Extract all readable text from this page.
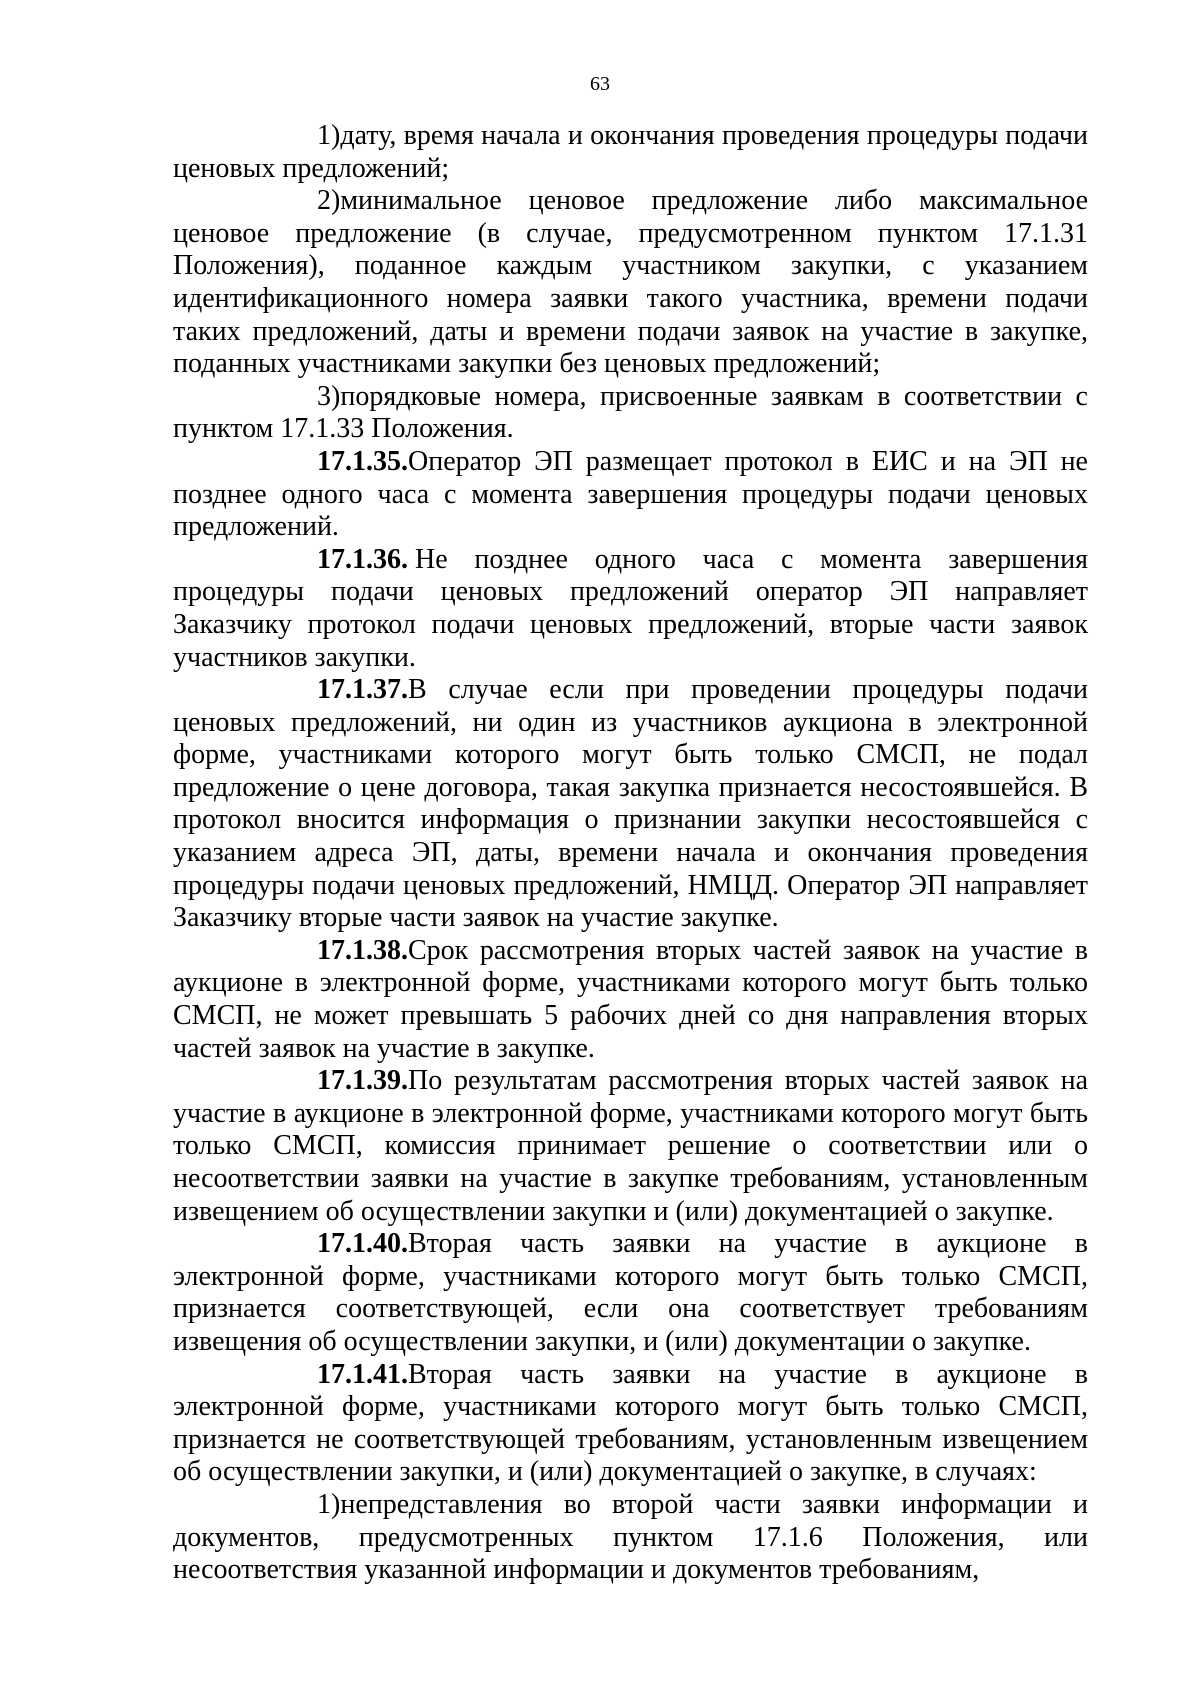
63

1)дату, время начала и окончания проведения процедуры подачи ценовых предложений;

2)минимальное ценовое предложение либо максимальное ценовое предложение (в случае, предусмотренном пунктом 17.1.31 Положения), поданное каждым участником закупки, с указанием идентификационного номера заявки такого участника, времени подачи таких предложений, даты и времени подачи заявок на участие в закупке, поданных участниками закупки без ценовых предложений;

3)порядковые номера, присвоенные заявкам в соответствии с пунктом 17.1.33 Положения.

17.1.35.Оператор ЭП размещает протокол в ЕИС и на ЭП не позднее одного часа с момента завершения процедуры подачи ценовых предложений.

17.1.36. Не позднее одного часа с момента завершения процедуры подачи ценовых предложений оператор ЭП направляет Заказчику протокол подачи ценовых предложений, вторые части заявок участников закупки.

17.1.37.В случае если при проведении процедуры подачи ценовых предложений, ни один из участников аукциона в электронной форме, участниками которого могут быть только СМСП, не подал предложение о цене договора, такая закупка признается несостоявшейся. В протокол вносится информация о признании закупки несостоявшейся с указанием адреса ЭП, даты, времени начала и окончания проведения процедуры подачи ценовых предложений, НМЦД. Оператор ЭП направляет Заказчику вторые части заявок на участие закупке.

17.1.38.Срок рассмотрения вторых частей заявок на участие в аукционе в электронной форме, участниками которого могут быть только СМСП, не может превышать 5 рабочих дней со дня направления вторых частей заявок на участие в закупке.

17.1.39.По результатам рассмотрения вторых частей заявок на участие в аукционе в электронной форме, участниками которого могут быть только СМСП, комиссия принимает решение о соответствии или о несоответствии заявки на участие в закупке требованиям, установленным извещением об осуществлении закупки и (или) документацией о закупке.

17.1.40.Вторая часть заявки на участие в аукционе в электронной форме, участниками которого могут быть только СМСП, признается соответствующей, если она соответствует требованиям извещения об осуществлении закупки, и (или) документации о закупке.

17.1.41.Вторая часть заявки на участие в аукционе в электронной форме, участниками которого могут быть только СМСП, признается не соответствующей требованиям, установленным извещением об осуществлении закупки, и (или) документацией о закупке, в случаях:

1)непредставления во второй части заявки информации и документов, предусмотренных пунктом 17.1.6 Положения, или несоответствия указанной информации и документов требованиям,
